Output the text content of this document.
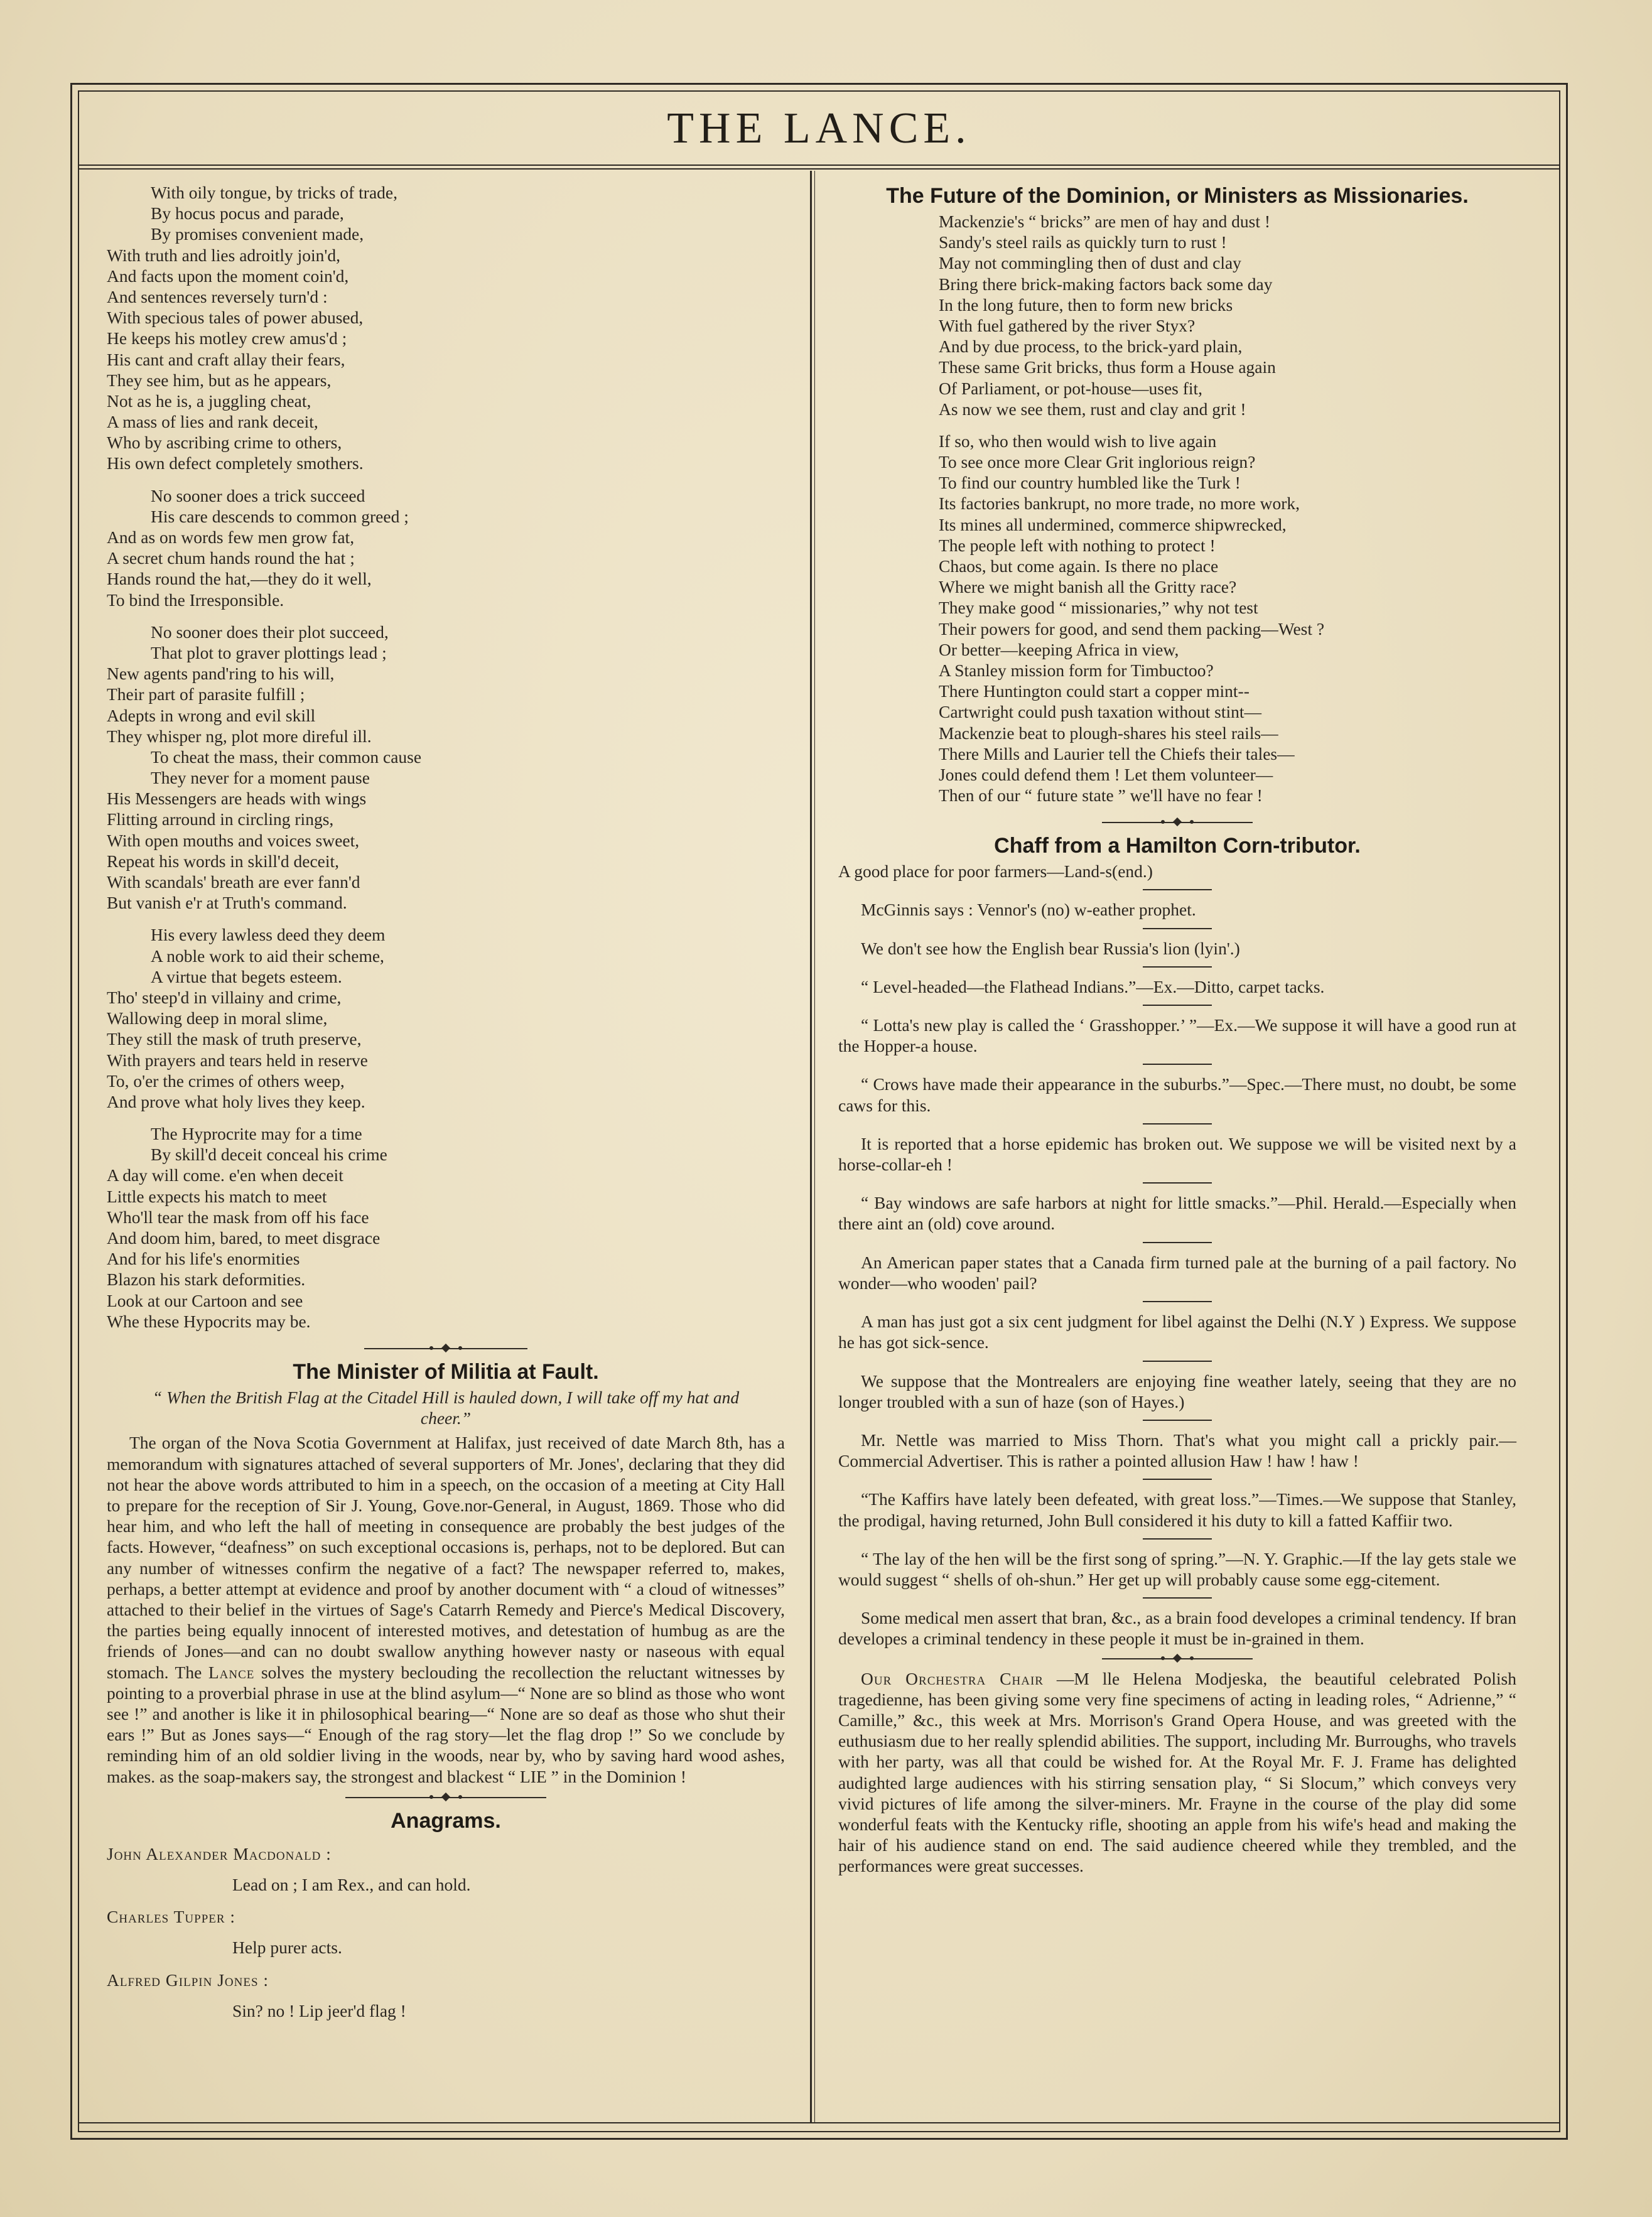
THE LANCE.
With oily tongue, by tricks of trade,
By hocus pocus and parade,
By promises convenient made,
With truth and lies adroitly join'd,
And facts upon the moment coin'd,
And sentences reversely turn'd :
With specious tales of power abused,
He keeps his motley crew amus'd ;
His cant and craft allay their fears,
They see him, but as he appears,
Not as he is, a juggling cheat,
A mass of lies and rank deceit,
Who by ascribing crime to others,
His own defect completely smothers.
No sooner does a trick succeed
His care descends to common greed ;
And as on words few men grow fat,
A secret chum hands round the hat ;
Hands round the hat,—they do it well,
To bind the Irresponsible.
No sooner does their plot succeed,
That plot to graver plottings lead ;
New agents pand'ring to his will,
Their part of parasite fulfill ;
Adepts in wrong and evil skill
They whisper ng, plot more direful ill.
To cheat the mass, their common cause
They never for a moment pause
His Messengers are heads with wings
Flitting arround in circling rings,
With open mouths and voices sweet,
Repeat his words in skill'd deceit,
With scandals' breath are ever fann'd
But vanish e'r at Truth's command.
His every lawless deed they deem
A noble work to aid their scheme,
A virtue that begets esteem.
Tho' steep'd in villainy and crime,
Wallowing deep in moral slime,
They still the mask of truth preserve,
With prayers and tears held in reserve
To, o'er the crimes of others weep,
And prove what holy lives they keep.
The Hyprocrite may for a time
By skill'd deceit conceal his crime
A day will come. e'en when deceit
Little expects his match to meet
Who'll tear the mask from off his face
And doom him, bared, to meet disgrace
And for his life's enormities
Blazon his stark deformities.
Look at our Cartoon and see
Whe these Hypocrits may be.
The Minister of Militia at Fault.
“ When the British Flag at the Citadel Hill is hauled down, I will take off my hat and cheer.”
The organ of the Nova Scotia Government at Halifax, just received of date March 8th, has a memorandum with signatures attached of several supporters of Mr. Jones', declaring that they did not hear the above words attributed to him in a speech, on the occasion of a meeting at City Hall to prepare for the reception of Sir J. Young, Gove.nor-General, in August, 1869. Those who did hear him, and who left the hall of meeting in consequence are probably the best judges of the facts. However, “deafness” on such exceptional occasions is, perhaps, not to be deplored. But can any number of witnesses confirm the negative of a fact? The newspaper referred to, makes, perhaps, a better attempt at evidence and proof by another document with “ a cloud of witnesses” attached to their belief in the virtues of Sage's Catarrh Remedy and Pierce's Medical Discovery, the parties being equally innocent of interested motives, and detestation of humbug as are the friends of Jones—and can no doubt swallow anything however nasty or naseous with equal stomach. The Lance solves the mystery beclouding the recollection the reluctant witnesses by pointing to a proverbial phrase in use at the blind asylum—“ None are so blind as those who wont see !” and another is like it in philosophical bearing—“ None are so deaf as those who shut their ears !” But as Jones says—“ Enough of the rag story—let the flag drop !” So we conclude by reminding him of an old soldier living in the woods, near by, who by saving hard wood ashes, makes. as the soap-makers say, the strongest and blackest “ LIE ” in the Dominion !
Anagrams.
John Alexander Macdonald :
Lead on ; I am Rex., and can hold.
Charles Tupper :
Help purer acts.
Alfred Gilpin Jones :
Sin? no ! Lip jeer'd flag !
The Future of the Dominion, or Ministers as Missionaries.
Mackenzie's “ bricks” are men of hay and dust !
Sandy's steel rails as quickly turn to rust !
May not commingling then of dust and clay
Bring there brick-making factors back some day
In the long future, then to form new bricks
With fuel gathered by the river Styx?
And by due process, to the brick-yard plain,
These same Grit bricks, thus form a House again
Of Parliament, or pot-house—uses fit,
As now we see them, rust and clay and grit !
If so, who then would wish to live again
To see once more Clear Grit inglorious reign?
To find our country humbled like the Turk !
Its factories bankrupt, no more trade, no more work,
Its mines all undermined, commerce shipwrecked,
The people left with nothing to protect !
Chaos, but come again. Is there no place
Where we might banish all the Gritty race?
They make good “ missionaries,” why not test
Their powers for good, and send them packing—West ?
Or better—keeping Africa in view,
A Stanley mission form for Timbuctoo?
There Huntington could start a copper mint--
Cartwright could push taxation without stint—
Mackenzie beat to plough-shares his steel rails—
There Mills and Laurier tell the Chiefs their tales—
Jones could defend them ! Let them volunteer—
Then of our “ future state ” we'll have no fear !
Chaff from a Hamilton Corn-tributor.
A good place for poor farmers—Land-s(end.)
McGinnis says : Vennor's (no) w-eather prophet.
We don't see how the English bear Russia's lion (lyin'.)
“ Level-headed—the Flathead Indians.”—Ex.—Ditto, carpet tacks.
“ Lotta's new play is called the ‘ Grasshopper.’ ”—Ex.—We suppose it will have a good run at the Hopper-a house.
“ Crows have made their appearance in the suburbs.”—Spec.—There must, no doubt, be some caws for this.
It is reported that a horse epidemic has broken out. We suppose we will be visited next by a horse-collar-eh !
“ Bay windows are safe harbors at night for little smacks.”—Phil. Herald.—Especially when there aint an (old) cove around.
An American paper states that a Canada firm turned pale at the burning of a pail factory. No wonder—who wooden' pail?
A man has just got a six cent judgment for libel against the Delhi (N.Y ) Express. We suppose he has got sick-sence.
We suppose that the Montrealers are enjoying fine weather lately, seeing that they are no longer troubled with a sun of haze (son of Hayes.)
Mr. Nettle was married to Miss Thorn. That's what you might call a prickly pair.—Commercial Advertiser. This is rather a pointed allusion Haw ! haw ! haw !
“The Kaffirs have lately been defeated, with great loss.”—Times.—We suppose that Stanley, the prodigal, having returned, John Bull considered it his duty to kill a fatted Kaffiir two.
“ The lay of the hen will be the first song of spring.”—N. Y. Graphic.—If the lay gets stale we would suggest “ shells of oh-shun.” Her get up will probably cause some egg-citement.
Some medical men assert that bran, &c., as a brain food developes a criminal tendency. If bran developes a criminal tendency in these people it must be in-grained in them.
Our Orchestra Chair —M lle Helena Modjeska, the beautiful celebrated Polish tragedienne, has been giving some very fine specimens of acting in leading roles, “ Adrienne,” “ Camille,” &c., this week at Mrs. Morrison's Grand Opera House, and was greeted with the euthusiasm due to her really splendid abilities. The support, including Mr. Burroughs, who travels with her party, was all that could be wished for. At the Royal Mr. F. J. Frame has delighted audighted large audiences with his stirring sensation play, “ Si Slocum,” which conveys very vivid pictures of life among the silver-miners. Mr. Frayne in the course of the play did some wonderful feats with the Kentucky rifle, shooting an apple from his wife's head and making the hair of his audience stand on end. The said audience cheered while they trembled, and the performances were great successes.
